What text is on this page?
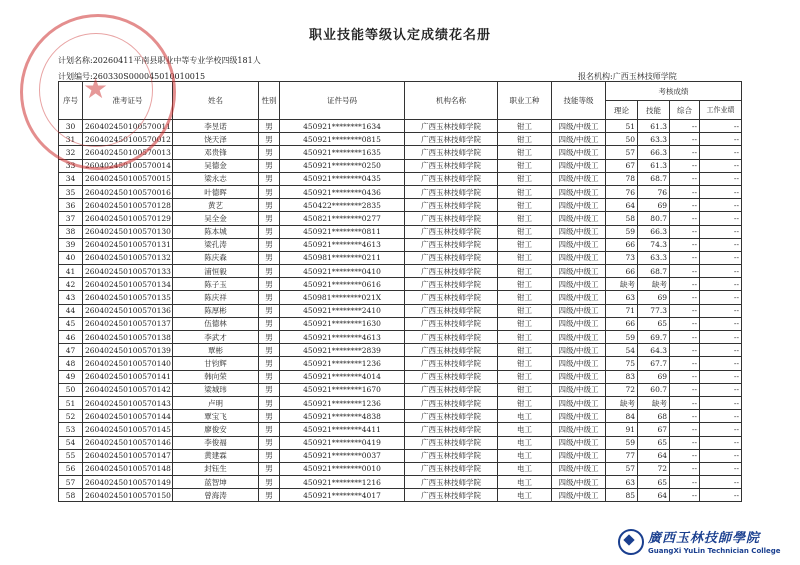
职业技能等级认定成绩花名册
计划名称:20260411平南县职业中等专业学校四级181人
计划编号:260330S000045010010015	报名机构:广西玉林技师学院
序号	准考证号	姓名	性别	证件号码	机构名称	职业工种	技能等级	考核成绩			
								理论	技能	综合	工作业绩
30	260402450100570011	李昱诺	男	450921********1634	广西玉林技师学院	钳工	四级/中级工	51	61.3	--	--
31	260402450100570012	饶天泽	男	450921********0815	广西玉林技师学院	钳工	四级/中级工	50	63.3	--	--
32	260402450100570013	邓贵锋	男	450921********1635	广西玉林技师学院	钳工	四级/中级工	57	66.3	--	--
33	260402450100570014	吴德金	男	450921********0250	广西玉林技师学院	钳工	四级/中级工	67	61.3	--	--
34	260402450100570015	梁永志	男	450921********0435	广西玉林技师学院	钳工	四级/中级工	78	68.7	--	--
35	260402450100570016	叶德晖	男	450921********0436	广西玉林技师学院	钳工	四级/中级工	76	76	--	--
36	260402450100570128	黄艺	男	450422********2835	广西玉林技师学院	钳工	四级/中级工	64	69	--	--
37	260402450100570129	吴全金	男	450821********0277	广西玉林技师学院	钳工	四级/中级工	58	80.7	--	--
38	260402450100570130	陈本城	男	450921********0811	广西玉林技师学院	钳工	四级/中级工	59	66.3	--	--
39	260402450100570131	梁孔涛	男	450921********4613	广西玉林技师学院	钳工	四级/中级工	66	74.3	--	--
40	260402450100570132	陈庆森	男	450981********0211	广西玉林技师学院	钳工	四级/中级工	73	63.3	--	--
41	260402450100570133	浦恒毅	男	450921********0410	广西玉林技师学院	钳工	四级/中级工	66	68.7	--	--
42	260402450100570134	陈子玉	男	450921********0616	广西玉林技师学院	钳工	四级/中级工	缺考	缺考	--	--
43	260402450100570135	陈庆祥	男	450981********021X	广西玉林技师学院	钳工	四级/中级工	63	69	--	--
44	260402450100570136	陈厚彬	男	450921********2410	广西玉林技师学院	钳工	四级/中级工	71	77.3	--	--
45	260402450100570137	伍德林	男	450921********1630	广西玉林技师学院	钳工	四级/中级工	66	65	--	--
46	260402450100570138	李武才	男	450921********4613	广西玉林技师学院	钳工	四级/中级工	59	69.7	--	--
47	260402450100570139	覃彬	男	450921********2839	广西玉林技师学院	钳工	四级/中级工	54	64.3	--	--
48	260402450100570140	甘钧辉	男	450921********1236	广西玉林技师学院	钳工	四级/中级工	75	67.7	--	--
49	260402450100570141	韩向荣	男	450921********4014	广西玉林技师学院	钳工	四级/中级工	83	69	--	--
50	260402450100570142	梁城玮	男	450921********1670	广西玉林技师学院	钳工	四级/中级工	72	60.7	--	--
51	260402450100570143	卢明	男	450921********1236	广西玉林技师学院	钳工	四级/中级工	缺考	缺考	--	--
52	260402450100570144	覃宝飞	男	450921********4838	广西玉林技师学院	电工	四级/中级工	84	68	--	--
53	260402450100570145	廖俊安	男	450921********4411	广西玉林技师学院	电工	四级/中级工	91	67	--	--
54	260402450100570146	李俊福	男	450921********0419	广西玉林技师学院	电工	四级/中级工	59	65	--	--
55	260402450100570147	黄建霖	男	450921********0037	广西玉林技师学院	电工	四级/中级工	77	64	--	--
56	260402450100570148	封钰生	男	450921********0010	广西玉林技师学院	电工	四级/中级工	57	72	--	--
57	260402450100570149	蓝智坤	男	450921********1216	广西玉林技师学院	电工	四级/中级工	63	65	--	--
58	260402450100570150	曾海涛	男	450921********4017	广西玉林技师学院	电工	四级/中级工	85	64	--	--
★
廣西玉林技師學院
GuangXi YuLin Technician College
